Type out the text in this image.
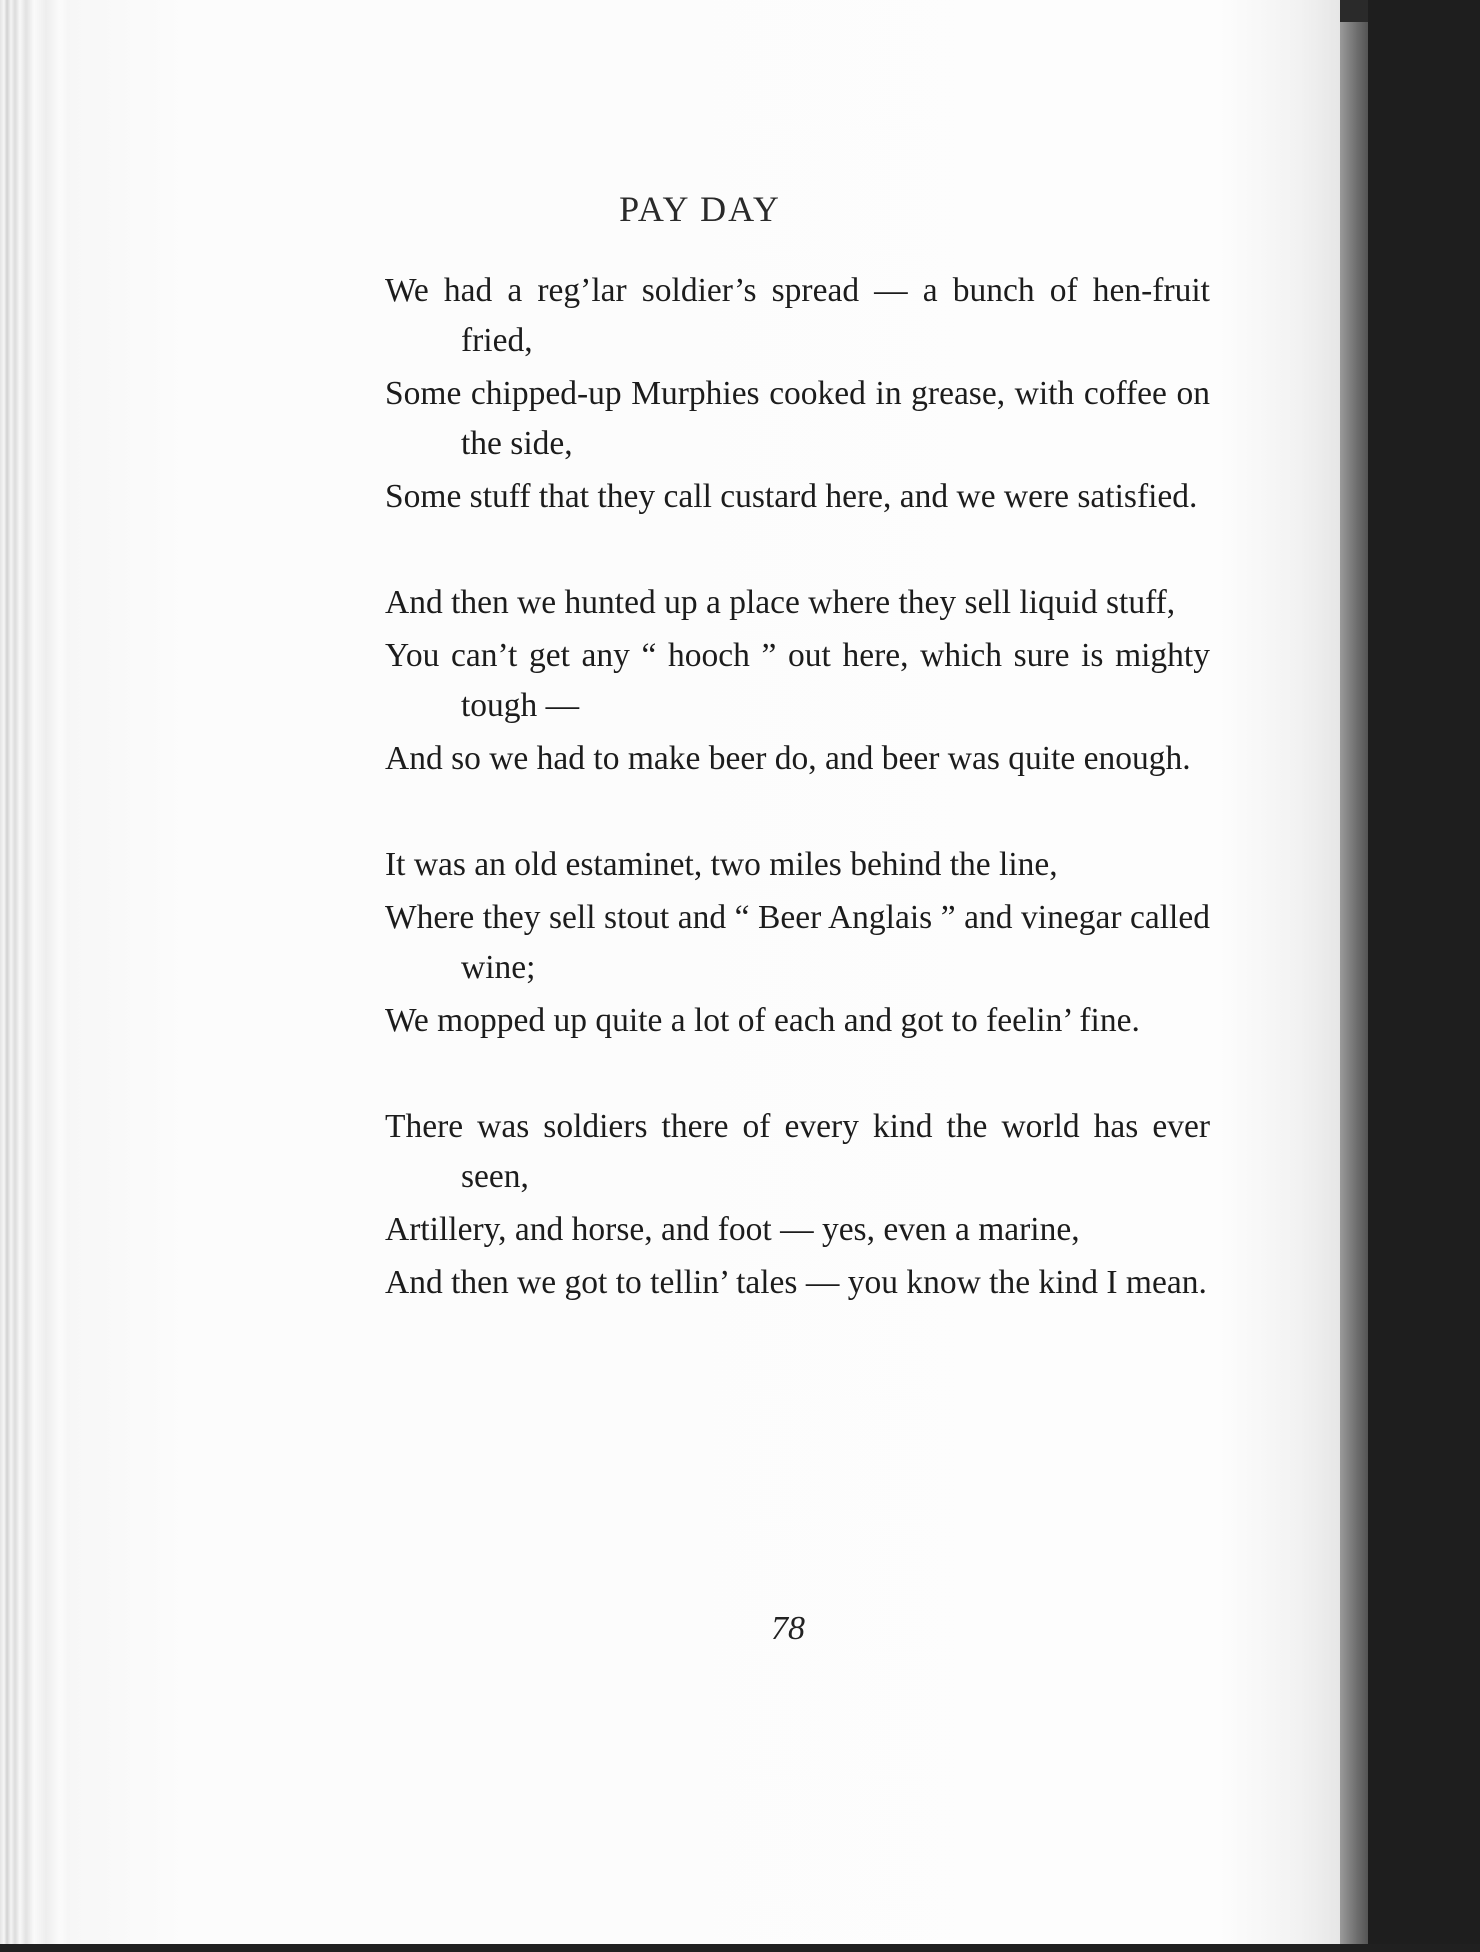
PAY DAY
We had a reg’lar soldier’s spread — a bunch of hen-fruit fried,
Some chipped-up Murphies cooked in grease, with coffee on the side,
Some stuff that they call custard here, and we were satisfied.
And then we hunted up a place where they sell liquid stuff,
You can’t get any “ hooch ” out here, which sure is mighty tough —
And so we had to make beer do, and beer was quite enough.
It was an old estaminet, two miles behind the line,
Where they sell stout and “ Beer Anglais ” and vinegar called wine;
We mopped up quite a lot of each and got to feelin’ fine.
There was soldiers there of every kind the world has ever seen,
Artillery, and horse, and foot — yes, even a marine,
And then we got to tellin’ tales — you know the kind I mean.
78
